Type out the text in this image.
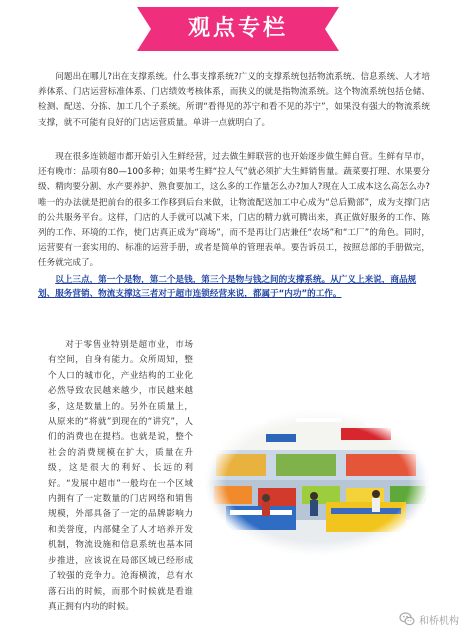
观点专栏

问题出在哪儿?出在支撑系统。什么事支撑系统?广义的支撑系统包括物流系统、信息系统、人才培养体系、门店运营标准体系、门店绩效考核体系，而狭义的就是指物流系统。这个物流系统包括仓储、检测、配送、分拣、加工几个子系统。所谓“看得见的苏宁和看不见的苏宁”，如果没有强大的物流系统支撑，就不可能有良好的门店运营质量。单讲一点就明白了。

现在很多连锁超市都开始引入生鲜经营，过去做生鲜联营的也开始逐步做生鲜自营。生鲜有早市，还有晚市：品项有80—100多种；如果考生鲜“拉人气”就必须扩大生鲜销售量。蔬菜要打理、水果要分级、精肉要分割、水产要养护、熟食要加工，这么多的工作量怎么办?加人?现在人工成本这么高怎么办?唯一的办法就是把前台的很多工作移到后台来做，让物流配送加工中心成为“总后勤部”，成为支撑门店的公共服务平台。这样，门店的人手就可以减下来，门店的精力就可腾出来，真正做好服务的工作、陈列的工作、环境的工作，使门店真正成为“商场”，而不是再让门店兼任“农场”和“工厂”的角色。同时，运营要有一套实用的、标准的运营手册，或者是简单的管理表单。要告诉员工，按照总部的手册做完，任务就完成了。

以上三点，第一个是物，第二个是钱，第三个是物与钱之间的支撑系统。从广义上来说，商品规划、服务营销、物流支撑这三者对于超市连锁经营来说，都属于“内功”的工作。

对于零售业特别是超市业，市场有空间，自身有能力。众所周知，整个人口的城市化，产业结构的工业化必然导致农民越来越少，市民越来越多，这是数量上的。另外在质量上，从原来的“将就”到现在的“讲究”，人们的消费也在提档。也就是说，整个社会的消费规模在扩大，质量在升级，这是很大的利好、长远的利好。“发展中超市”一般均在一个区域内拥有了一定数量的门店网络和销售规模，外部具备了一定的品牌影响力和美誉度，内部健全了人才培养开发机制，物流设施和信息系统也基本同步推进，应该说在局部区域已经形成了较强的竞争力。沧海横流，总有水落石出的时候，而那个时候就是看谁真正拥有内功的时候。

和桥机构
